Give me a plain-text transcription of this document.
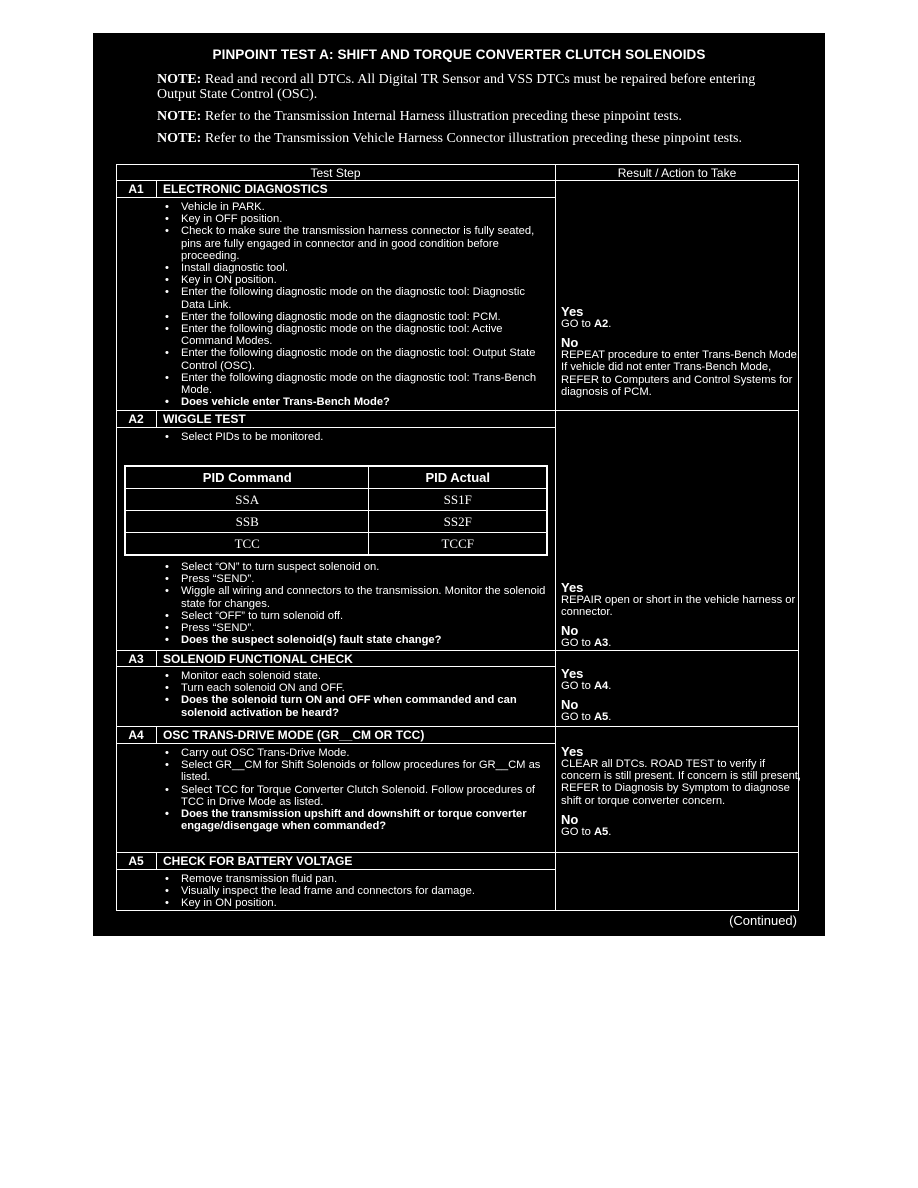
PINPOINT TEST A: SHIFT AND TORQUE CONVERTER CLUTCH SOLENOIDS
NOTE: Read and record all DTCs. All Digital TR Sensor and VSS DTCs must be repaired before entering Output State Control (OSC).
NOTE: Refer to the Transmission Internal Harness illustration preceding these pinpoint tests.
NOTE: Refer to the Transmission Vehicle Harness Connector illustration preceding these pinpoint tests.
Test Step	Result / Action to Take
A1	ELECTRONIC DIAGNOSTICS
• Vehicle in PARK.
• Key in OFF position.
• Check to make sure the transmission harness connector is fully seated, pins are fully engaged in connector and in good condition before proceeding.
• Install diagnostic tool.
• Key in ON position.
• Enter the following diagnostic mode on the diagnostic tool: Diagnostic Data Link.
• Enter the following diagnostic mode on the diagnostic tool: PCM.
• Enter the following diagnostic mode on the diagnostic tool: Active Command Modes.
• Enter the following diagnostic mode on the diagnostic tool: Output State Control (OSC).
• Enter the following diagnostic mode on the diagnostic tool: Trans-Bench Mode.
• Does vehicle enter Trans-Bench Mode?
Yes
GO to A2.
No
REPEAT procedure to enter Trans-Bench Mode. If vehicle did not enter Trans-Bench Mode, REFER to Computers and Control Systems for diagnosis of PCM.
A2	WIGGLE TEST
• Select PIDs to be monitored.
PID Command	PID Actual
SSA	SS1F
SSB	SS2F
TCC	TCCF
• Select “ON” to turn suspect solenoid on.
• Press “SEND”.
• Wiggle all wiring and connectors to the transmission. Monitor the solenoid state for changes.
• Select “OFF” to turn solenoid off.
• Press “SEND”.
• Does the suspect solenoid(s) fault state change?
Yes
REPAIR open or short in the vehicle harness or connector.
No
GO to A3.
A3	SOLENOID FUNCTIONAL CHECK
• Monitor each solenoid state.
• Turn each solenoid ON and OFF.
• Does the solenoid turn ON and OFF when commanded and can solenoid activation be heard?
Yes
GO to A4.
No
GO to A5.
A4	OSC TRANS-DRIVE MODE (GR__CM OR TCC)
• Carry out OSC Trans-Drive Mode.
• Select GR__CM for Shift Solenoids or follow procedures for GR__CM as listed.
• Select TCC for Torque Converter Clutch Solenoid. Follow procedures of TCC in Drive Mode as listed.
• Does the transmission upshift and downshift or torque converter engage/disengage when commanded?
Yes
CLEAR all DTCs. ROAD TEST to verify if concern is still present. If concern is still present, REFER to Diagnosis by Symptom to diagnose shift or torque converter concern.
No
GO to A5.
A5	CHECK FOR BATTERY VOLTAGE
• Remove transmission fluid pan.
• Visually inspect the lead frame and connectors for damage.
• Key in ON position.
(Continued)
